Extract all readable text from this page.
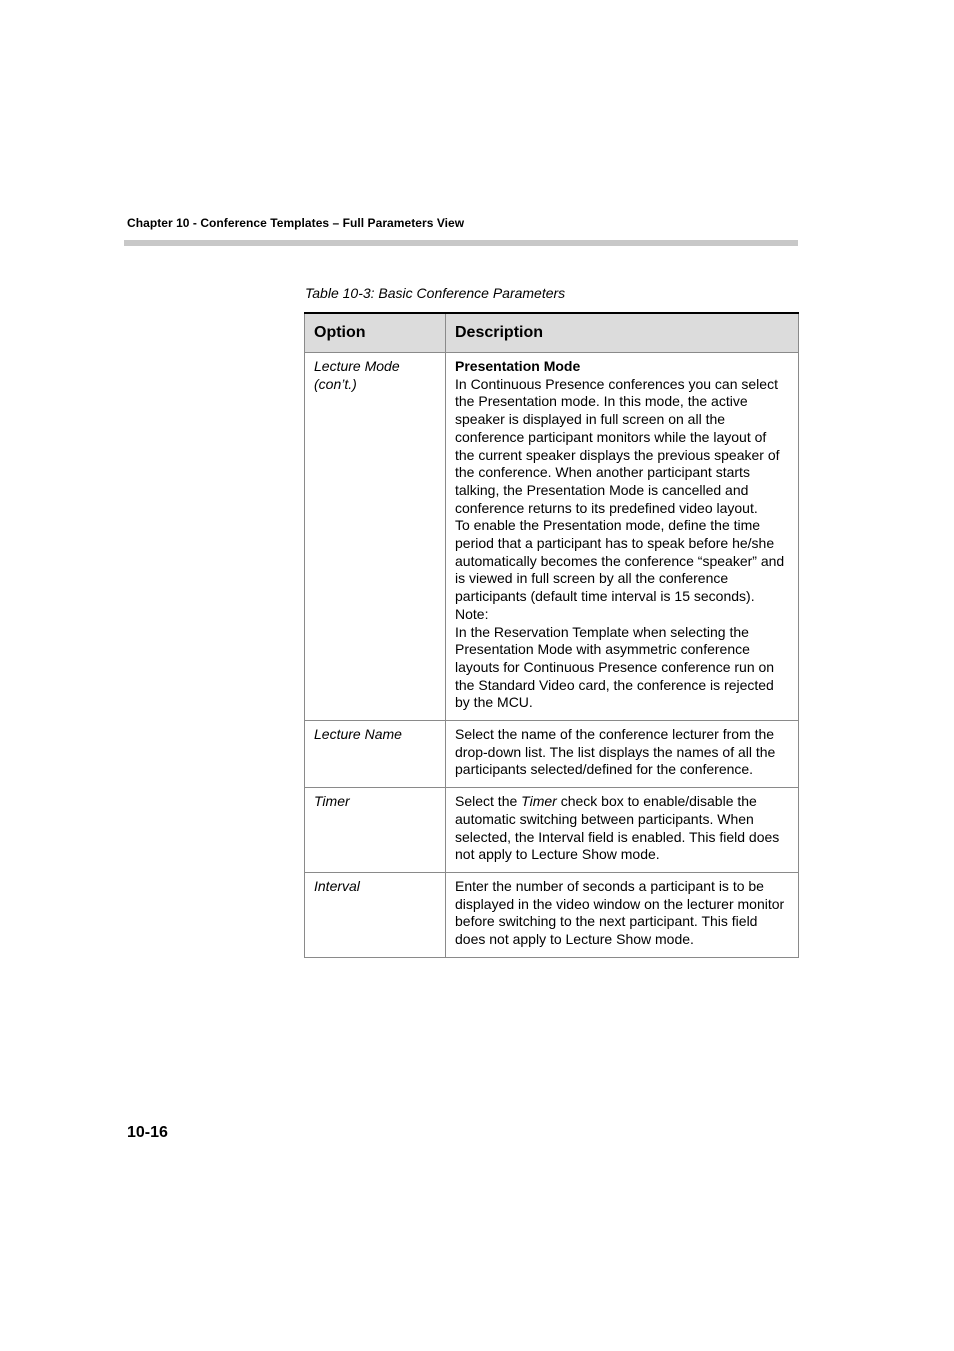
Chapter 10 - Conference Templates – Full Parameters View
Table 10-3: Basic Conference Parameters
Option	Description
Lecture Mode (con’t.)	Presentation Mode
In Continuous Presence conferences you can select the Presentation mode. In this mode, the active speaker is displayed in full screen on all the conference participant monitors while the layout of the current speaker displays the previous speaker of the conference. When another participant starts talking, the Presentation Mode is cancelled and conference returns to its predefined video layout.
To enable the Presentation mode, define the time period that a participant has to speak before he/she automatically becomes the conference “speaker” and is viewed in full screen by all the conference participants (default time interval is 15 seconds).
Note:
In the Reservation Template when selecting the Presentation Mode with asymmetric conference layouts for Continuous Presence conference run on the Standard Video card, the conference is rejected by the MCU.

Lecture Name	Select the name of the conference lecturer from the drop-down list. The list displays the names of all the participants selected/defined for the conference.
Timer	Select the Timer check box to enable/disable the automatic switching between participants. When selected, the Interval field is enabled. This field does not apply to Lecture Show mode.
Interval	Enter the number of seconds a participant is to be displayed in the video window on the lecturer monitor before switching to the next participant. This field does not apply to Lecture Show mode.
10-16
